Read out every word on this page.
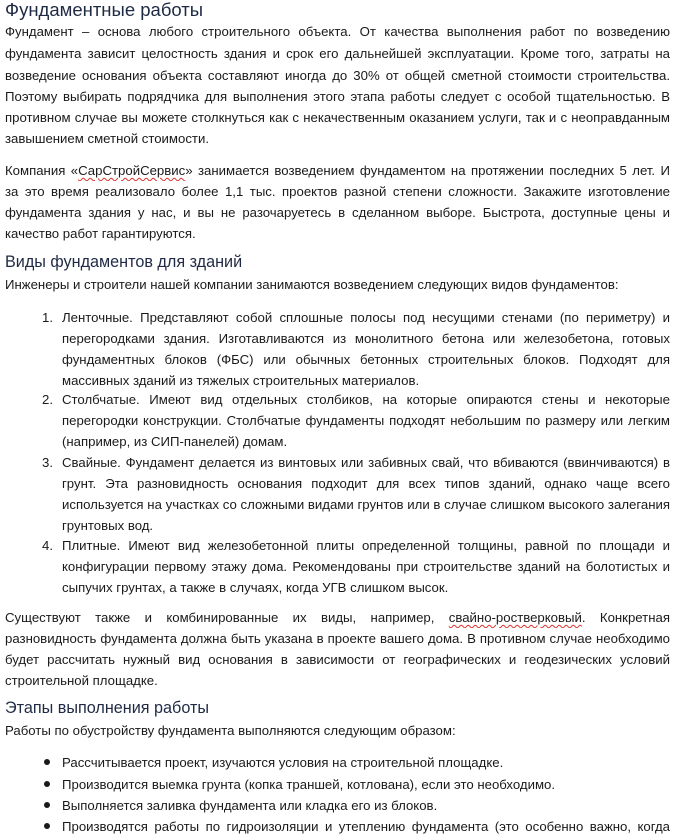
Фундаментные работы
Фундамент – основа любого строительного объекта. От качества выполнения работ по возведению
фундамента зависит целостность здания и срок его дальнейшей эксплуатации. Кроме того, затраты на
возведение основания объекта составляют иногда до 30% от общей сметной стоимости строительства.
Поэтому выбирать подрядчика для выполнения этого этапа работы следует с особой тщательностью. В
противном случае вы можете столкнуться как с некачественным оказанием услуги, так и с неоправданным
завышением сметной стоимости.
Компания «СарСтройСервис» занимается возведением фундаментом на протяжении последних 5 лет. И
за это время реализовало более 1,1 тыс. проектов разной степени сложности. Закажите изготовление
фундамента здания у нас, и вы не разочаруетесь в сделанном выборе. Быстрота, доступные цены и
качество работ гарантируются.
Виды фундаментов для зданий
Инженеры и строители нашей компании занимаются возведением следующих видов фундаментов:
1. Ленточные. Представляют собой сплошные полосы под несущими стенами (по периметру) и
перегородками здания. Изготавливаются из монолитного бетона или железобетона, готовых
фундаментных блоков (ФБС) или обычных бетонных строительных блоков. Подходят для
массивных зданий из тяжелых строительных материалов.
2. Столбчатые. Имеют вид отдельных столбиков, на которые опираются стены и некоторые
перегородки конструкции. Столбчатые фундаменты подходят небольшим по размеру или легким
(например, из СИП-панелей) домам.
3. Свайные. Фундамент делается из винтовых или забивных свай, что вбиваются (ввинчиваются) в
грунт. Эта разновидность основания подходит для всех типов зданий, однако чаще всего
используется на участках со сложными видами грунтов или в случае слишком высокого залегания
грунтовых вод.
4. Плитные. Имеют вид железобетонной плиты определенной толщины, равной по площади и
конфигурации первому этажу дома. Рекомендованы при строительстве зданий на болотистых и
сыпучих грунтах, а также в случаях, когда УГВ слишком высок.
Существуют также и комбинированные их виды, например, свайно-ростверковый. Конкретная
разновидность фундамента должна быть указана в проекте вашего дома. В противном случае необходимо
будет рассчитать нужный вид основания в зависимости от географических и геодезических условий
строительной площадке.
Этапы выполнения работы
Работы по обустройству фундамента выполняются следующим образом:
Рассчитывается проект, изучаются условия на строительной площадке.
Производится выемка грунта (копка траншей, котлована), если это необходимо.
Выполняется заливка фундамента или кладка его из блоков.
Производятся работы по гидроизоляции и утеплению фундамента (это особенно важно, когда
